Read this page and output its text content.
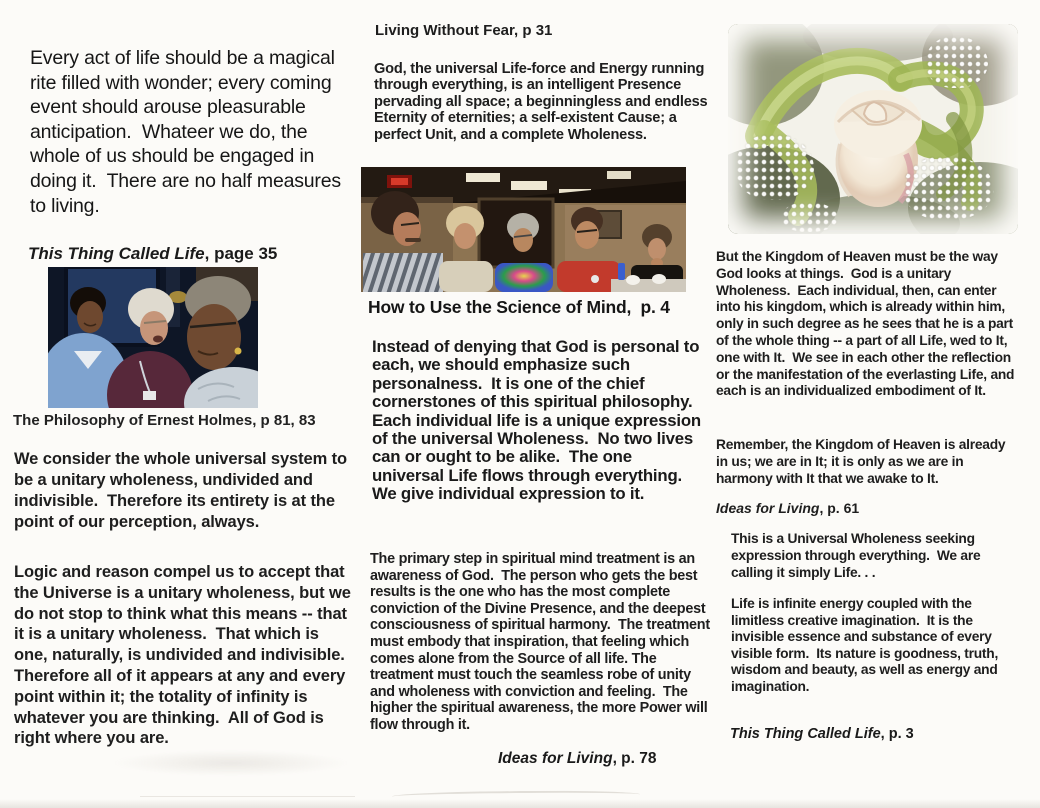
Every act of life should be a magical rite filled with wonder; every coming event should arouse pleasurable anticipation.  Whateer we do, the whole of us should be engaged in doing it.  There are no half measures to living.

This Thing Called Life, page 35

The Philosophy of Ernest Holmes, p 81, 83

We consider the whole universal system to be a unitary wholeness, undivided and indivisible.  Therefore its entirety is at the point of our perception, always.

Logic and reason compel us to accept that the Universe is a unitary wholeness, but we do not stop to think what this means -- that it is a unitary wholeness.  That which is one, naturally, is undivided and indivisible.  Therefore all of it appears at any and every point within it; the totality of infinity is whatever you are thinking.  All of God is right where you are.

Living Without Fear, p 31

God, the universal Life-force and Energy running through everything, is an intelligent Presence pervading all space; a beginningless and endless Eternity of eternities; a self-existent Cause; a perfect Unit, and a complete Wholeness.

How to Use the Science of Mind,  p. 4

Instead of denying that God is personal to each, we should emphasize such personalness.  It is one of the chief cornerstones of this spiritual philosophy.  Each individual life is a unique expression of the universal Wholeness.  No two lives can or ought to be alike.  The one universal Life flows through everything.  We give individual expression to it.

The primary step in spiritual mind treatment is an awareness of God.  The person who gets the best results is the one who has the most complete conviction of the Divine Presence, and the deepest consciousness of spiritual harmony.  The treatment must embody that inspiration, that feeling which comes alone from the Source of all life. The treatment must touch the seamless robe of unity and wholeness with conviction and feeling.  The higher the spiritual awareness, the more Power will flow through it.

Ideas for Living, p. 78

But the Kingdom of Heaven must be the way God looks at things.  God is a unitary Wholeness.  Each individual, then, can enter into his kingdom, which is already within him, only in such degree as he sees that he is a part of the whole thing -- a part of all Life, wed to It, one with It.  We see in each other the reflection or the manifestation of the everlasting Life, and each is an individualized embodiment of It.

Remember, the Kingdom of Heaven is already in us; we are in It; it is only as we are in harmony with It that we awake to It.

Ideas for Living, p. 61

This is a Universal Wholeness seeking expression through everything.  We are calling it simply Life. . .

Life is infinite energy coupled with the limitless creative imagination.  It is the invisible essence and substance of every visible form.  Its nature is goodness, truth, wisdom and beauty, as well as energy and imagination.

This Thing Called Life, p. 3
